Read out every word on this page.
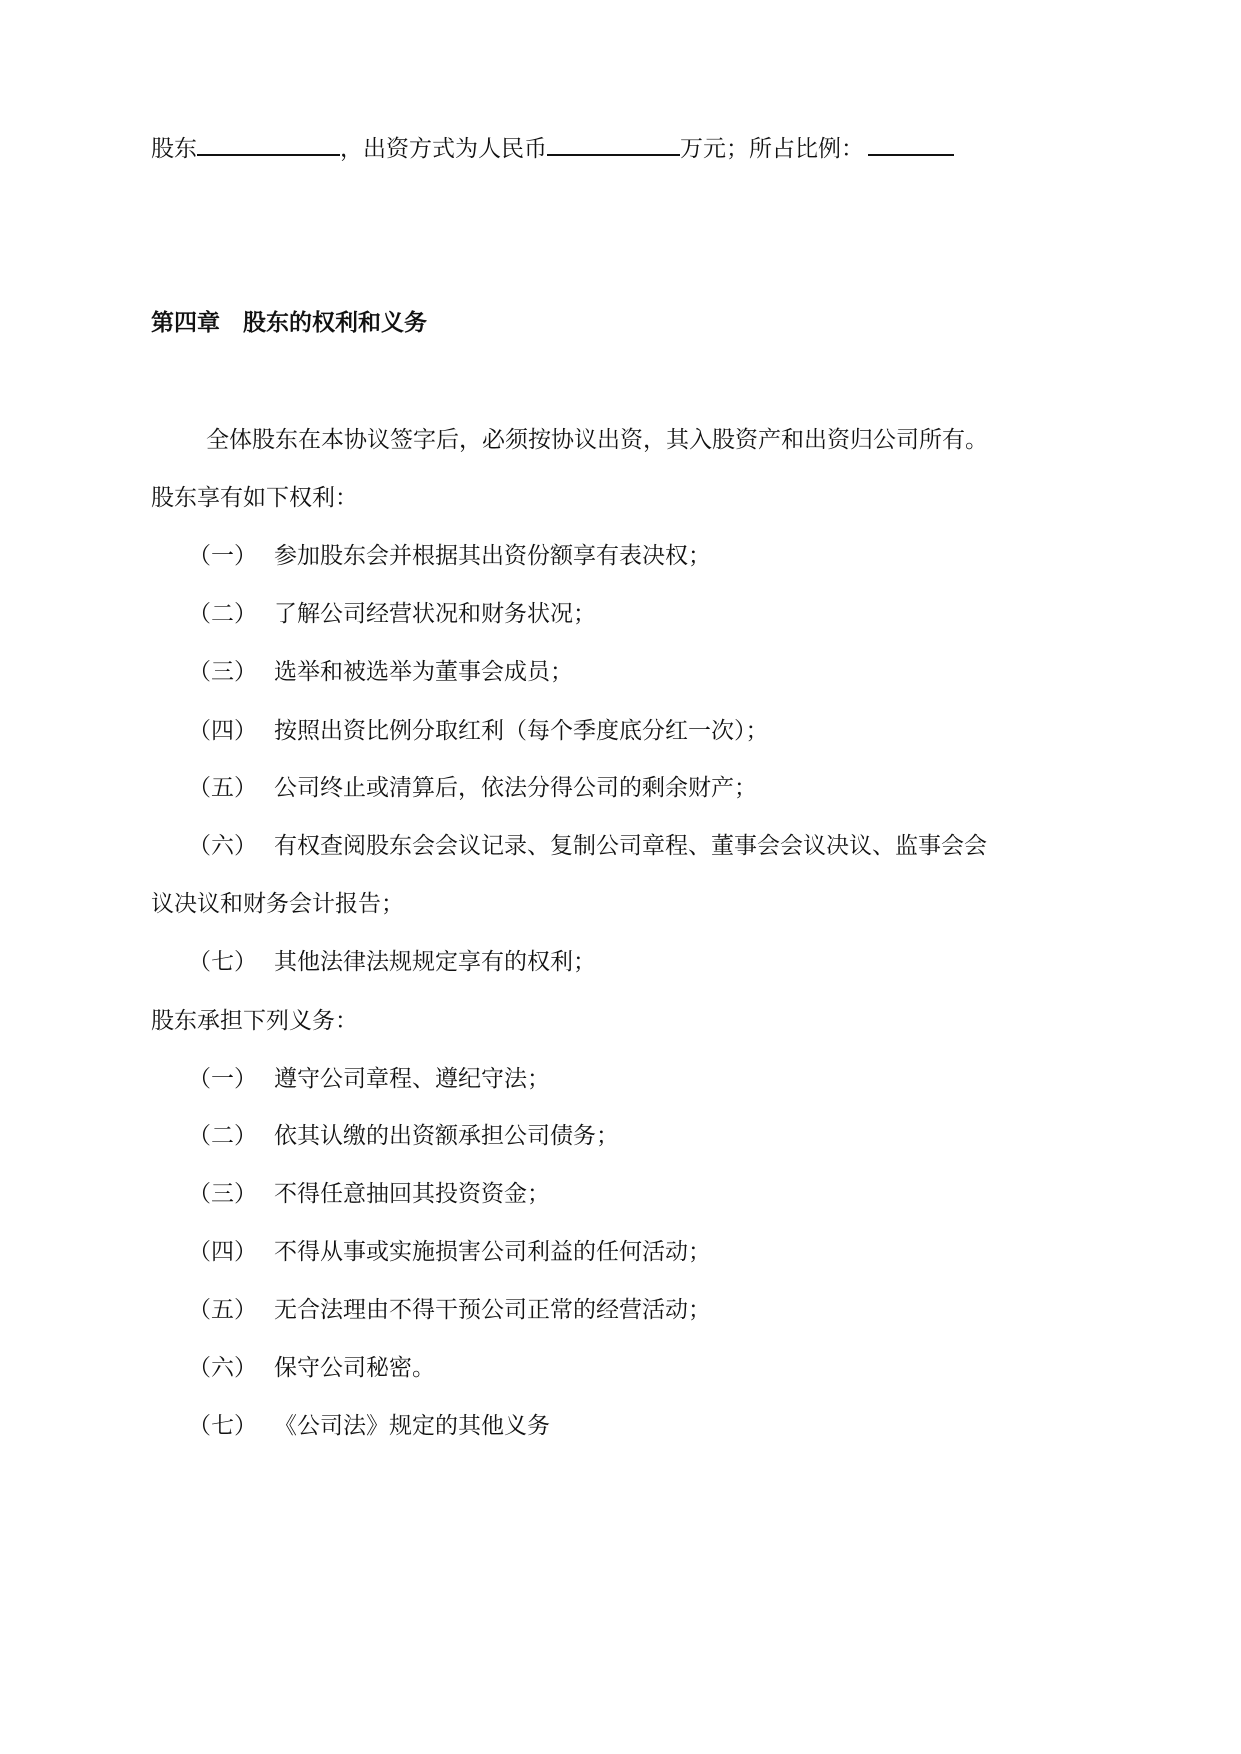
股东	，出资方式为人民币	万元；所占比例：
第四章　股东的权利和义务
全体股东在本协议签字后，必须按协议出资，其入股资产和出资归公司所有。
股东享有如下权利：
（一） 参加股东会并根据其出资份额享有表决权；
（二） 了解公司经营状况和财务状况；
（三） 选举和被选举为董事会成员；
（四） 按照出资比例分取红利（每个季度底分红一次）；
（五） 公司终止或清算后，依法分得公司的剩余财产；
（六） 有权查阅股东会会议记录、复制公司章程、董事会会议决议、监事会会
议决议和财务会计报告；
（七） 其他法律法规规定享有的权利；
股东承担下列义务：
（一） 遵守公司章程、遵纪守法；
（二） 依其认缴的出资额承担公司债务；
（三） 不得任意抽回其投资资金；
（四） 不得从事或实施损害公司利益的任何活动；
（五） 无合法理由不得干预公司正常的经营活动；
（六） 保守公司秘密。
（七） 《公司法》规定的其他义务
